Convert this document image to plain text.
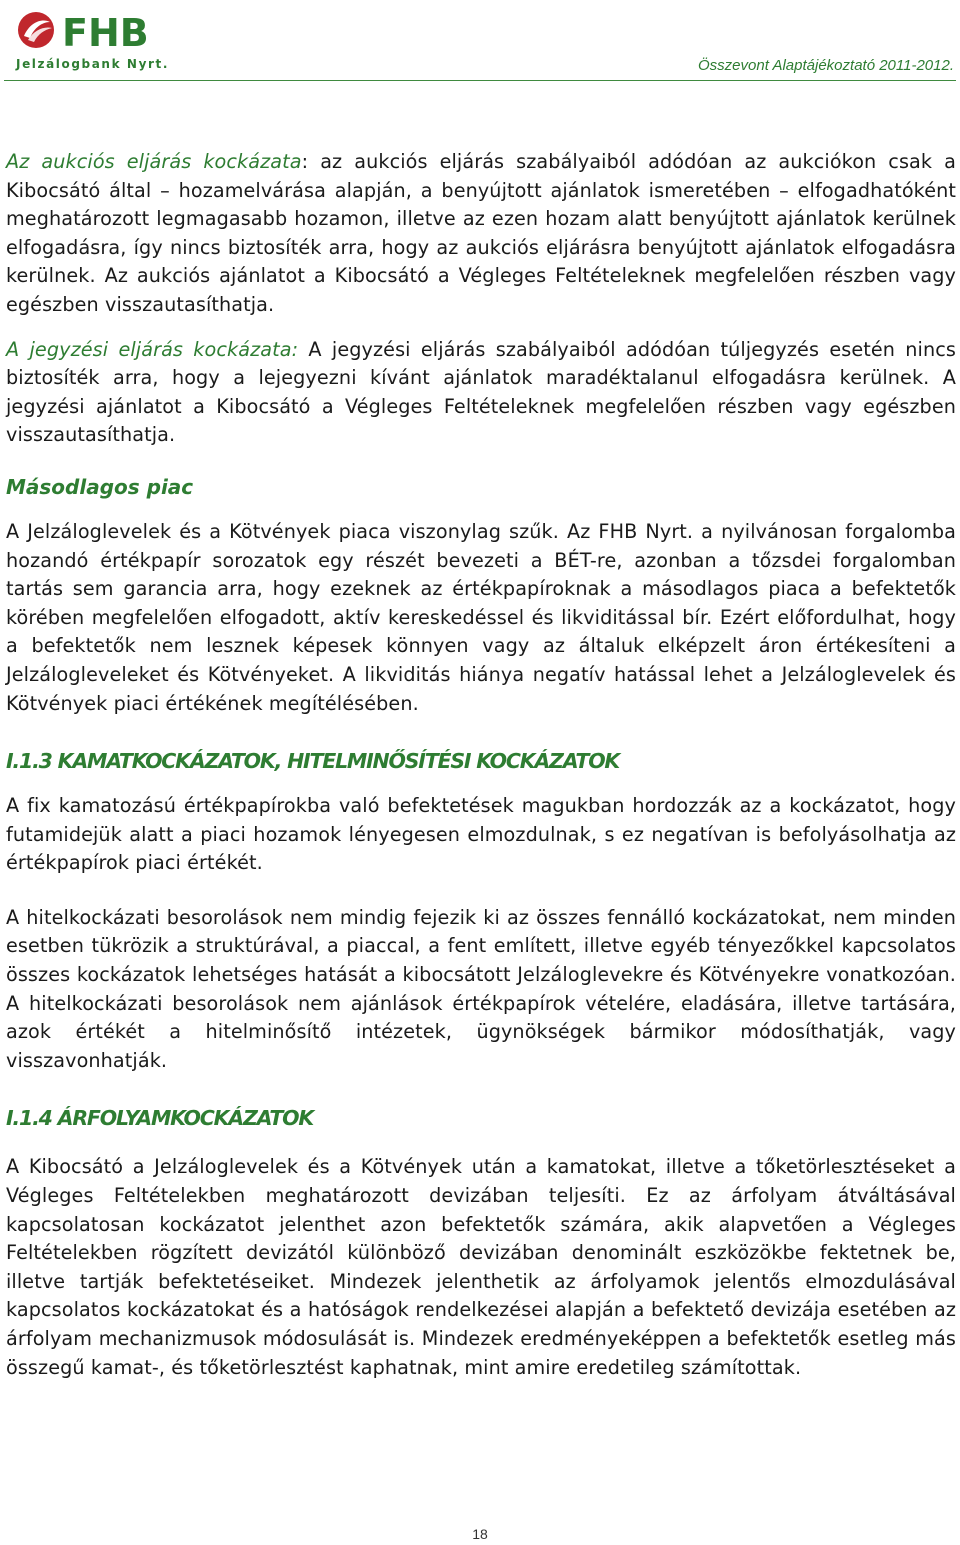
FHB
Jelzálogbank Nyrt.	Összevont Alaptájékoztató 2011-2012.

Az aukciós eljárás kockázata: az aukciós eljárás szabályaiból adódóan az aukciókon csak a Kibocsátó által – hozamelvárása alapján, a benyújtott ajánlatok ismeretében – elfogadhatóként meghatározott legmagasabb hozamon, illetve az ezen hozam alatt benyújtott ajánlatok kerülnek elfogadásra, így nincs biztosíték arra, hogy az aukciós eljárásra benyújtott ajánlatok elfogadásra kerülnek. Az aukciós ajánlatot a Kibocsátó a Végleges Feltételeknek megfelelően részben vagy egészben visszautasíthatja.

A jegyzési eljárás kockázata: A jegyzési eljárás szabályaiból adódóan túljegyzés esetén nincs biztosíték arra, hogy a lejegyezni kívánt ajánlatok maradéktalanul elfogadásra kerülnek. A jegyzési ajánlatot a Kibocsátó a Végleges Feltételeknek megfelelően részben vagy egészben visszautasíthatja.

Másodlagos piac

A Jelzáloglevelek és a Kötvények piaca viszonylag szűk. Az FHB Nyrt. a nyilvánosan forgalomba hozandó értékpapír sorozatok egy részét bevezeti a BÉT-re, azonban a tőzsdei forgalomban tartás sem garancia arra, hogy ezeknek az értékpapíroknak a másodlagos piaca a befektetők körében megfelelően elfogadott, aktív kereskedéssel és likviditással bír. Ezért előfordulhat, hogy a befektetők nem lesznek képesek könnyen vagy az általuk elképzelt áron értékesíteni a Jelzálogleveleket és Kötvényeket. A likviditás hiánya negatív hatással lehet a Jelzáloglevelek és Kötvények piaci értékének megítélésében.

I.1.3 KAMATKOCKÁZATOK, HITELMINŐSÍTÉSI KOCKÁZATOK

A fix kamatozású értékpapírokba való befektetések magukban hordozzák az a kockázatot, hogy futamidejük alatt a piaci hozamok lényegesen elmozdulnak, s ez negatívan is befolyásolhatja az értékpapírok piaci értékét.

A hitelkockázati besorolások nem mindig fejezik ki az összes fennálló kockázatokat, nem minden esetben tükrözik a struktúrával, a piaccal, a fent említett, illetve egyéb tényezőkkel kapcsolatos összes kockázatok lehetséges hatását a kibocsátott Jelzáloglevekre és Kötvényekre vonatkozóan. A hitelkockázati besorolások nem ajánlások értékpapírok vételére, eladására, illetve tartására, azok értékét a hitelminősítő intézetek, ügynökségek bármikor módosíthatják, vagy visszavonhatják.

I.1.4 ÁRFOLYAMKOCKÁZATOK

A Kibocsátó a Jelzáloglevelek és a Kötvények után a kamatokat, illetve a tőketörlesztéseket a Végleges Feltételekben meghatározott devizában teljesíti. Ez az árfolyam átváltásával kapcsolatosan kockázatot jelenthet azon befektetők számára, akik alapvetően a Végleges Feltételekben rögzített devizától különböző devizában denominált eszközökbe fektetnek be, illetve tartják befektetéseiket. Mindezek jelenthetik az árfolyamok jelentős elmozdulásával kapcsolatos kockázatokat és a hatóságok rendelkezései alapján a befektető devizája esetében az árfolyam mechanizmusok módosulását is. Mindezek eredményeképpen a befektetők esetleg más összegű kamat-, és tőketörlesztést kaphatnak, mint amire eredetileg számítottak.

18
